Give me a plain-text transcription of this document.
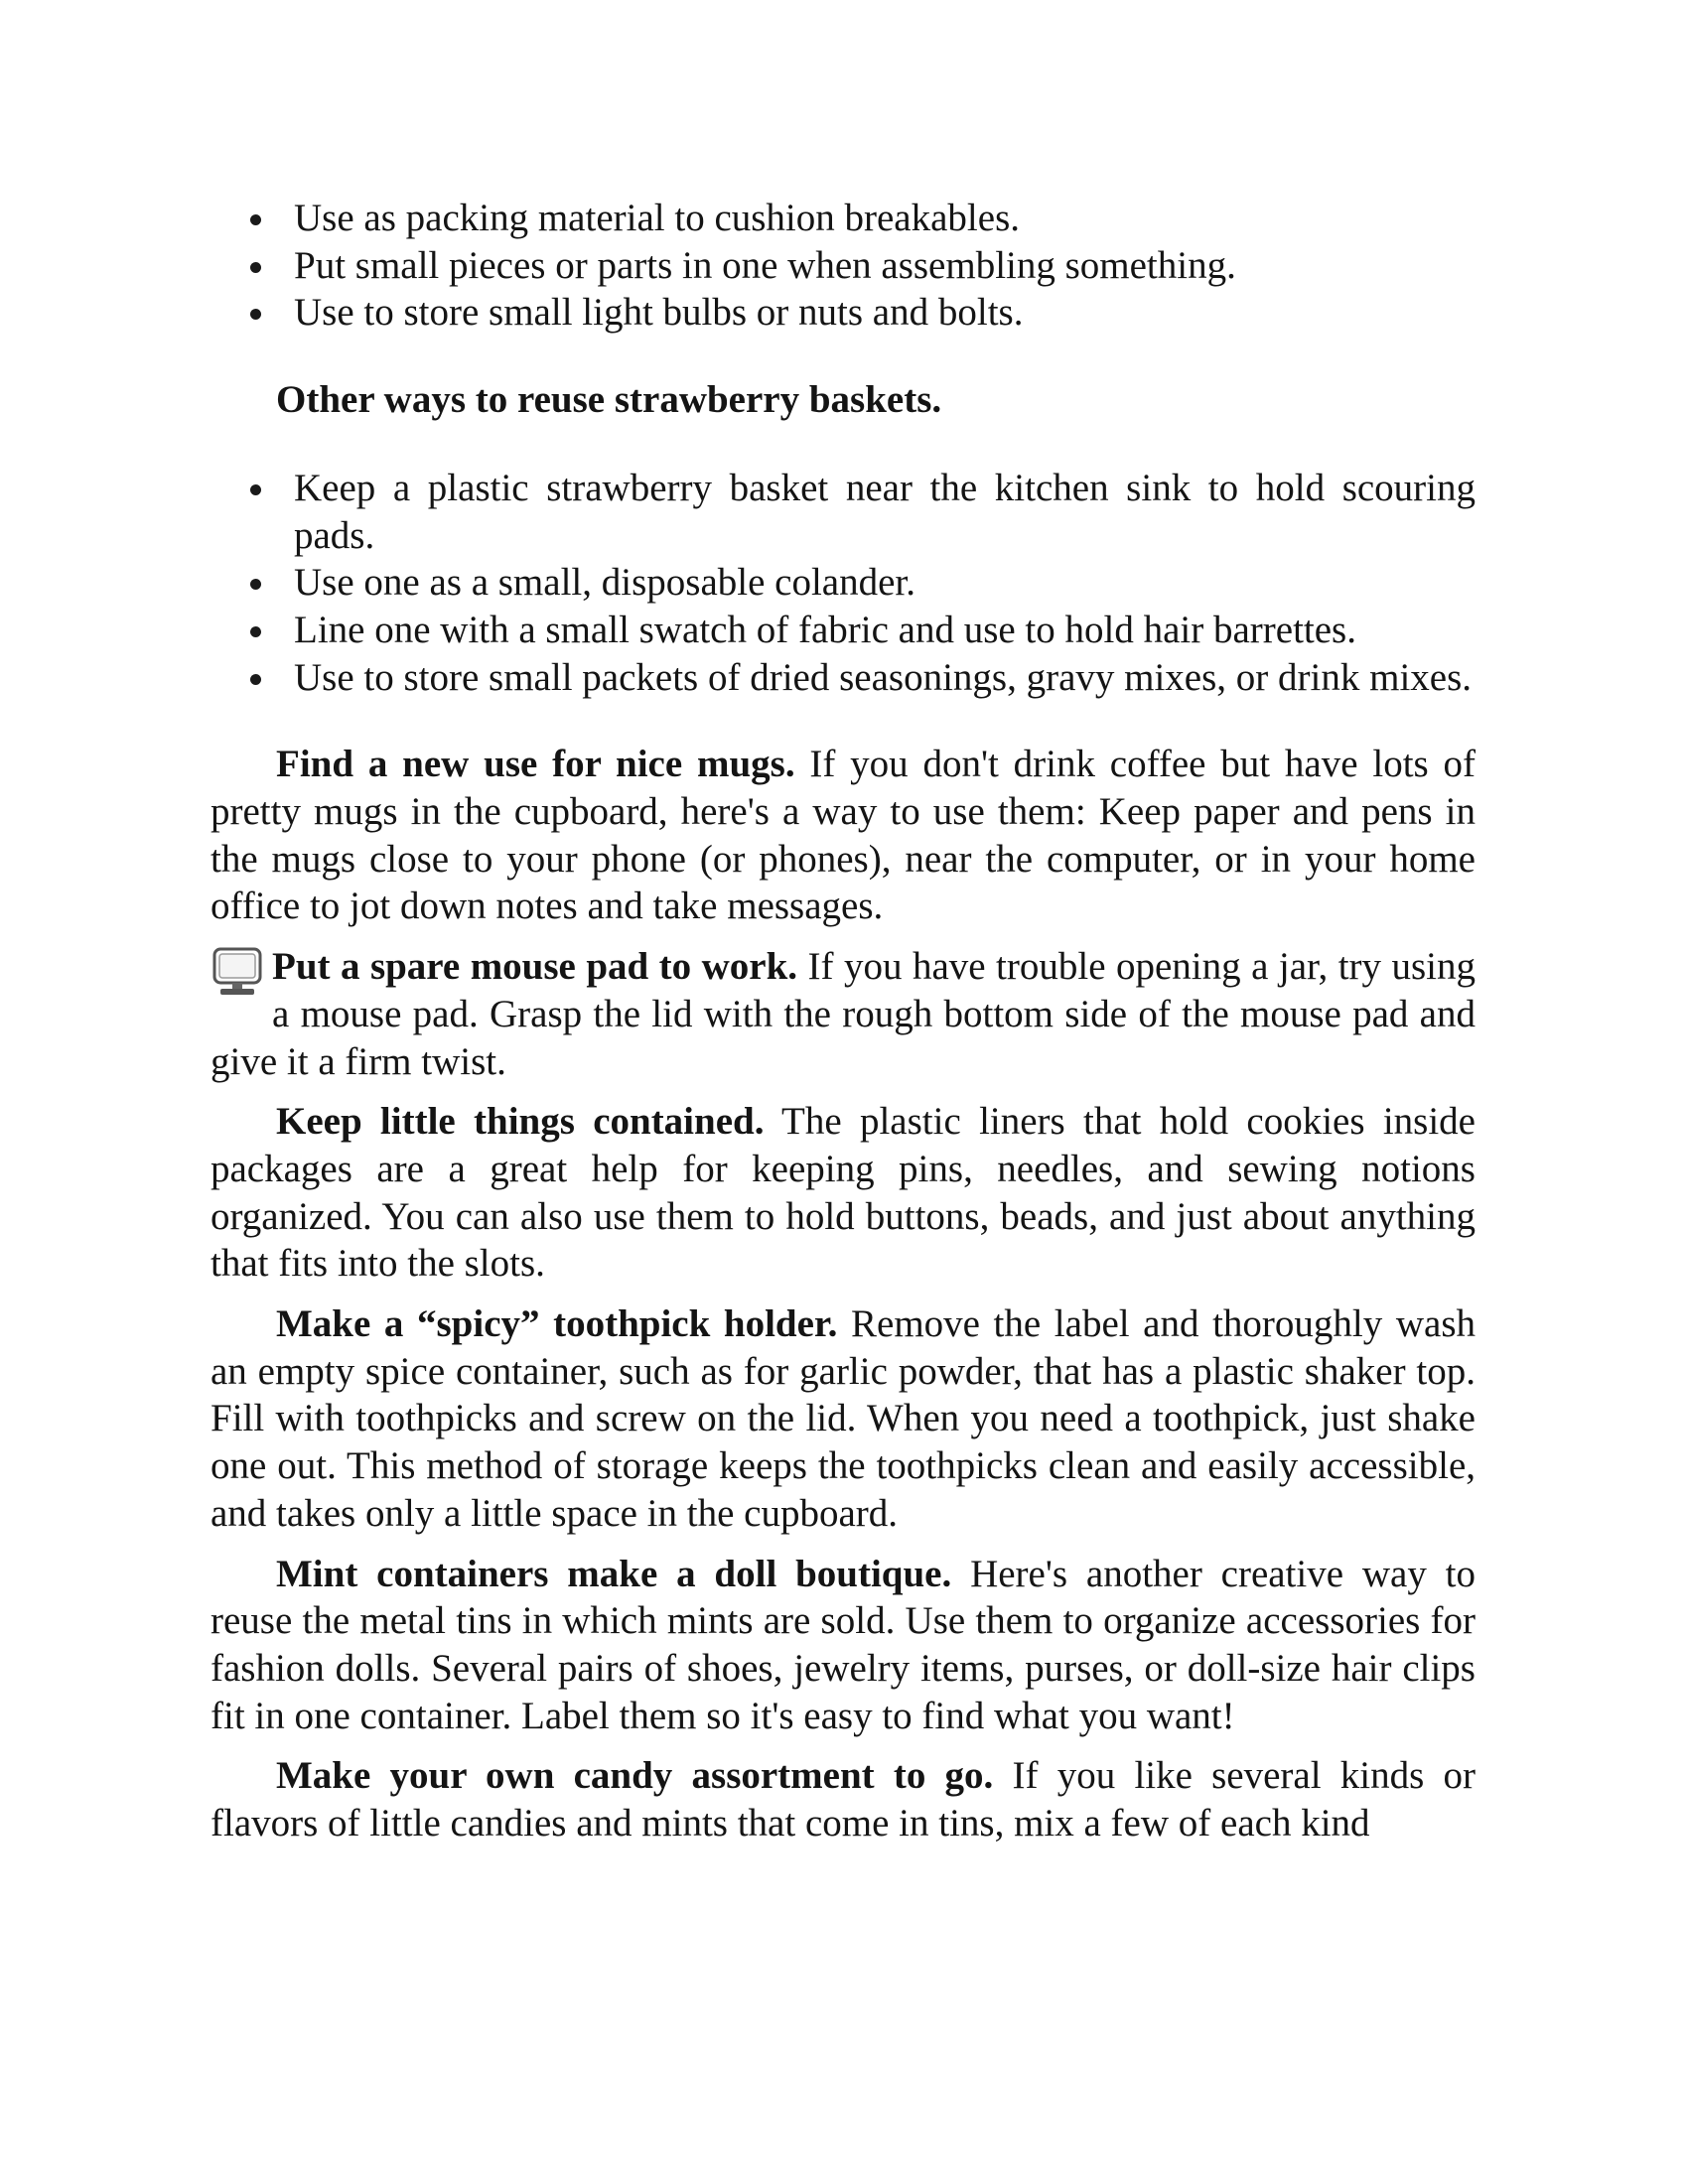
Use as packing material to cushion breakables.
Put small pieces or parts in one when assembling something.
Use to store small light bulbs or nuts and bolts.
Other ways to reuse strawberry baskets.
Keep a plastic strawberry basket near the kitchen sink to hold scouring pads.
Use one as a small, disposable colander.
Line one with a small swatch of fabric and use to hold hair barrettes.
Use to store small packets of dried seasonings, gravy mixes, or drink mixes.

Find a new use for nice mugs. If you don't drink coffee but have lots of pretty mugs in the cupboard, here's a way to use them: Keep paper and pens in the mugs close to your phone (or phones), near the computer, or in your home office to jot down notes and take messages.

Put a spare mouse pad to work. If you have trouble opening a jar, try using a mouse pad. Grasp the lid with the rough bottom side of the mouse pad and give it a firm twist.

Keep little things contained. The plastic liners that hold cookies inside packages are a great help for keeping pins, needles, and sewing notions organized. You can also use them to hold buttons, beads, and just about anything that fits into the slots.

Make a “spicy” toothpick holder. Remove the label and thoroughly wash an empty spice container, such as for garlic powder, that has a plastic shaker top. Fill with toothpicks and screw on the lid. When you need a toothpick, just shake one out. This method of storage keeps the toothpicks clean and easily accessible, and takes only a little space in the cupboard.

Mint containers make a doll boutique. Here's another creative way to reuse the metal tins in which mints are sold. Use them to organize accessories for fashion dolls. Several pairs of shoes, jewelry items, purses, or doll-size hair clips fit in one container. Label them so it's easy to find what you want!

Make your own candy assortment to go. If you like several kinds or flavors of little candies and mints that come in tins, mix a few of each kind
